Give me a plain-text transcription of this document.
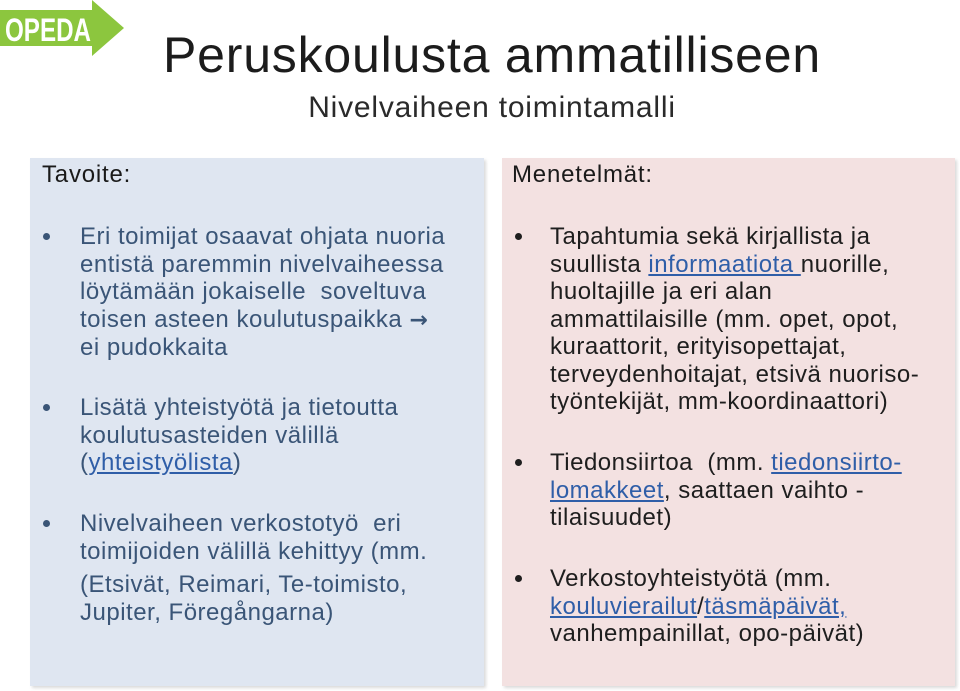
OPEDA	Peruskoulusta ammatilliseen
Nivelvaiheen toimintamalli
Tavoite:
Eri toimijat osaavat ohjata nuoria
entistä paremmin nivelvaiheessa
löytämään jokaiselle  soveltuva
toisen asteen koulutuspaikka →
ei pudokkaita
Lisätä yhteistyötä ja tietoutta
koulutusasteiden välillä
(yhteistyölista)
Nivelvaiheen verkostotyö  eri
toimijoiden välillä kehittyy (mm.
(Etsivät, Reimari, Te-toimisto,
Jupiter, Föregångarna)
Menetelmät:
Tapahtumia sekä kirjallista ja
suullista informaatiota nuorille,
huoltajille ja eri alan
ammattilaisille (mm. opet, opot,
kuraattorit, erityisopettajat,
terveydenhoitajat, etsivä nuoriso-
työntekijät, mm-koordinaattori)
Tiedonsiirtoa  (mm. tiedonsiirto-
lomakkeet, saattaen vaihto -
tilaisuudet)
Verkostoyhteistyötä (mm.
kouluvierailut/täsmäpäivät,
vanhempainillat, opo-päivät)
